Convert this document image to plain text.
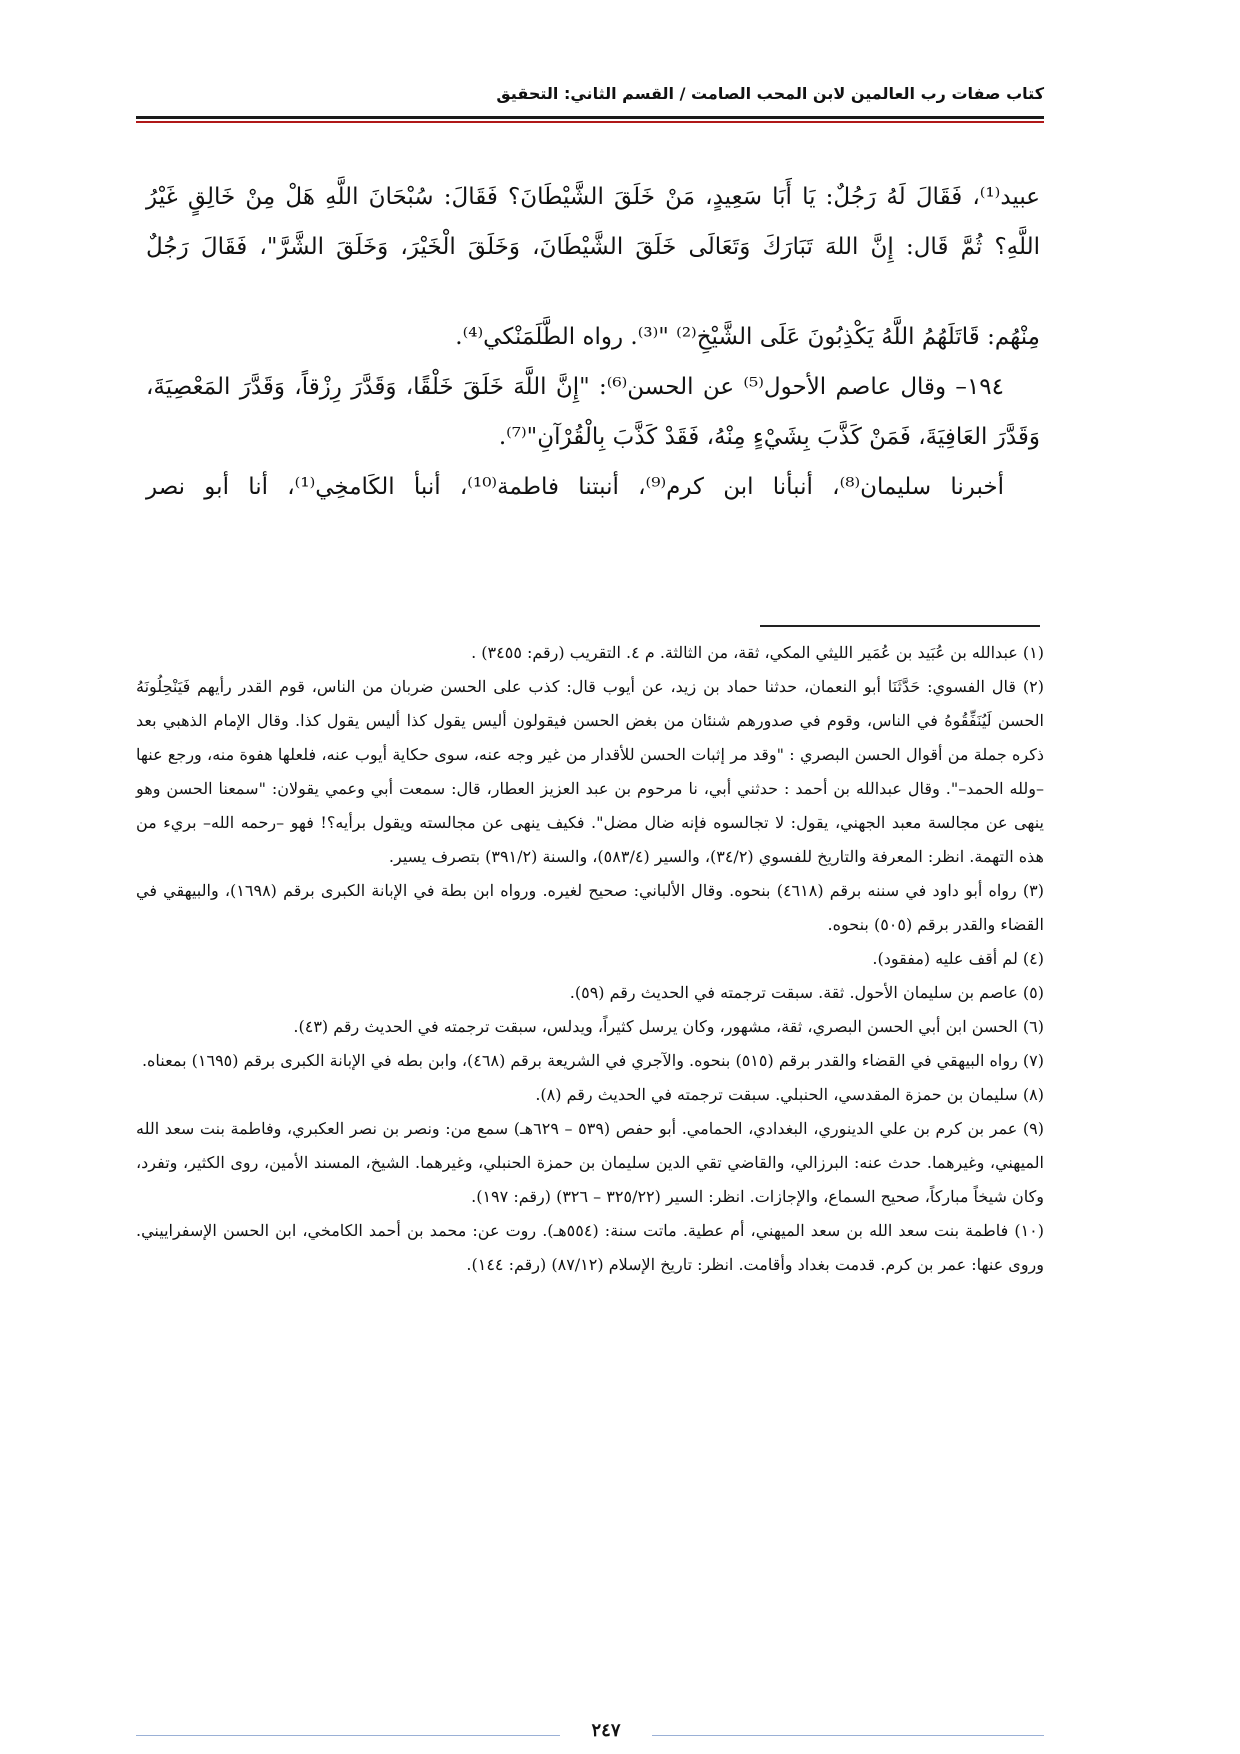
كتاب صفات رب العالمين لابن المحب الصامت / القسم الثاني: التحقيق

عبيد⁽¹⁾، فَقَالَ لَهُ رَجُلٌ: يَا أَبَا سَعِيدٍ، مَنْ خَلَقَ الشَّيْطَانَ؟ فَقَالَ: سُبْحَانَ اللَّهِ هَلْ مِنْ خَالِقٍ غَيْرُ اللَّهِ؟ ثُمَّ قَال: إِنَّ اللهَ تَبَارَكَ وَتَعَالَى خَلَقَ الشَّيْطَانَ، وَخَلَقَ الْخَيْرَ، وَخَلَقَ الشَّرَّ"، فَقَالَ رَجُلٌ

مِنْهُم: قَاتَلَهُمُ اللَّهُ يَكْذِبُونَ عَلَى الشَّيْخِ⁽²⁾ "⁽³⁾. رواه الطَّلَمَنْكي⁽⁴⁾.

١٩٤– وقال عاصم الأحول⁽⁵⁾ عن الحسن⁽⁶⁾: "إِنَّ اللَّهَ خَلَقَ خَلْقًا، وَقَدَّرَ رِزْقاً، وَقَدَّرَ المَعْصِيَةَ، وَقَدَّرَ العَافِيَةَ، فَمَنْ كَذَّبَ بِشَيْءٍ مِنْهُ، فَقَدْ كَذَّبَ بِالْقُرْآنِ"⁽⁷⁾.

أخبرنا سليمان⁽⁸⁾، أنبأنا ابن كرم⁽⁹⁾، أنبتنا فاطمة⁽¹⁰⁾، أنبأ الكَامخِي⁽¹⁾، أنا أبو نصر

(١) عبدالله بن عُبَيد بن عُمَير الليثي المكي، ثقة، من الثالثة. م ٤. التقريب (رقم: ٣٤٥٥) .

(٢) قال الفسوي: حَدَّثَنَا أبو النعمان، حدثنا حماد بن زيد، عن أيوب قال: كذب على الحسن ضربان من الناس، قوم القدر رأيهم فَيَنْحِلُونَهُ الحسن لَيُنَفِّقُوهُ في الناس، وقوم في صدورهم شنئان من بغض الحسن فيقولون أليس يقول كذا أليس يقول كذا. وقال الإمام الذهبي بعد ذكره جملة من أقوال الحسن البصري : "وقد مر إثبات الحسن للأقدار من غير وجه عنه، سوى حكاية أيوب عنه، فلعلها هفوة منه، ورجع عنها –ولله الحمد–". وقال عبدالله بن أحمد : حدثني أبي، نا مرحوم بن عبد العزيز العطار، قال: سمعت أبي وعمي يقولان: "سمعنا الحسن وهو ينهى عن مجالسة معبد الجهني، يقول: لا تجالسوه فإنه ضال مضل". فكيف ينهى عن مجالسته ويقول برأيه؟! فهو –رحمه الله– بريء من هذه التهمة. انظر: المعرفة والتاريخ للفسوي (٣٤/٢)، والسير (٥٨٣/٤)، والسنة (٣٩١/٢) بتصرف يسير.

(٣) رواه أبو داود في سننه برقم (٤٦١٨) بنحوه. وقال الألباني: صحيح لغيره. ورواه ابن بطة في الإبانة الكبرى برقم (١٦٩٨)، والبيهقي في القضاء والقدر برقم (٥٠٥) بنحوه.

(٤) لم أقف عليه (مفقود).

(٥) عاصم بن سليمان الأحول. ثقة. سبقت ترجمته في الحديث رقم (٥٩).

(٦) الحسن ابن أبي الحسن البصري، ثقة، مشهور، وكان يرسل كثيراً، ويدلس، سبقت ترجمته في الحديث رقم (٤٣).

(٧) رواه البيهقي في القضاء والقدر برقم (٥١٥) بنحوه. والآجري في الشريعة برقم (٤٦٨)، وابن بطه في الإبانة الكبرى برقم (١٦٩٥) بمعناه.

(٨) سليمان بن حمزة المقدسي، الحنبلي. سبقت ترجمته في الحديث رقم (٨).

(٩) عمر بن كرم بن علي الدينوري، البغدادي، الحمامي. أبو حفص (٥٣٩ – ٦٢٩هـ) سمع من: ونصر بن نصر العكبري، وفاطمة بنت سعد الله الميهني، وغيرهما. حدث عنه: البرزالي، والقاضي تقي الدين سليمان بن حمزة الحنبلي، وغيرهما. الشيخ، المسند الأمين، روى الكثير، وتفرد، وكان شيخاً مباركاً، صحيح السماع، والإجازات. انظر: السير (٣٢٥/٢٢ – ٣٢٦) (رقم: ١٩٧).

(١٠) فاطمة بنت سعد الله بن سعد الميهني، أم عطية. ماتت سنة: (٥٥٤هـ). روت عن: محمد بن أحمد الكامخي، ابن الحسن الإسفراييني. وروى عنها: عمر بن كرم. قدمت بغداد وأقامت. انظر: تاريخ الإسلام (٨٧/١٢) (رقم: ١٤٤).

٢٤٧
